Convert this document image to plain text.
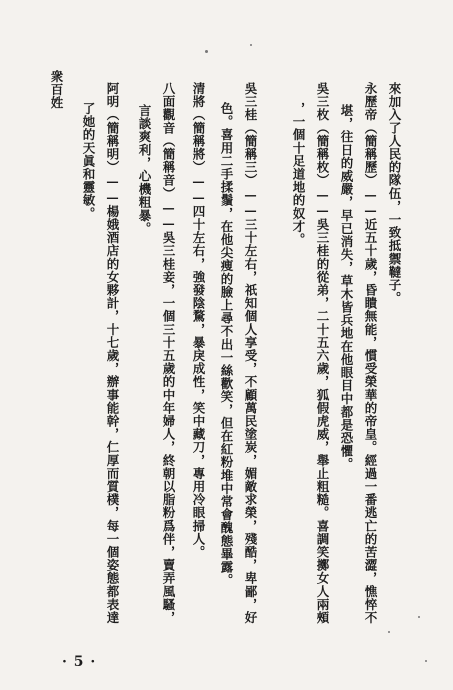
來加入了人民的隊伍，一致抵禦韃子。
永歷帝（簡稱歷）——近五十歲，昏瞶無能，慣受榮華的帝皇。經過一番逃亡的苦澀，憔悴不
堪，往日的威嚴，早已消失，草木皆兵地在他眼目中都是恐懼。
吳三枚（簡稱枚）——吳三桂的從弟，二十五六歲，狐假虎威，舉止粗糙。喜調笑擲女人兩頰
，一個十足道地的奴才。
吳三桂（簡稱三）——三十左右，祇知個人享受，不顧萬民塗炭，媚敵求榮，殘酷，卑鄙，好
色。喜用二手揉鬚，在他尖痩的臉上尋不出一絲歡笑，但在紅粉堆中常會醜態畢露。
清將（簡稱將）——四十左右，強發陰騖，暴戾成性，笑中藏刀，專用冷眼掃人。
八面觀音（簡稱音）——吳三桂妾，一個三十五歲的中年婦人，終朝以脂粉爲伴，賣弄風騷，
言談爽利，心機粗暴。
阿明（簡稱明）——楊娥酒店的女夥計，十七歲，辦事能幹，仁厚而質樸，每一個姿態都表達
了她的天眞和靈敏。
衆百姓
· 5 ·
